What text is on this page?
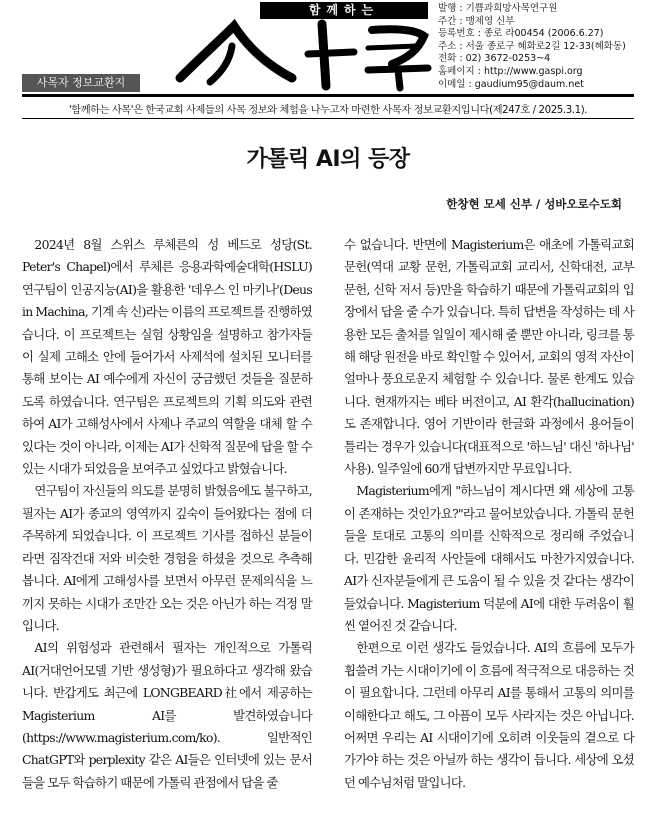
함께하는
사목자 정보교환지
발행 : 기쁨과희망사목연구원
주간 : 맹제영 신부
등록번호 : 종로 라00454 (2006.6.27)
주소 : 서울 종로구 혜화로2길 12-33(혜화동)
전화 : 02) 3672-0253~4
홈페이지 : http://www.gaspi.org
이메일 : gaudium95@daum.net
'함께하는 사목'은 한국교회 사제들의 사목 정보와 체험을 나누고자 마련한 사목자 정보교환지입니다(제247호 / 2025.3.1).
가톨릭 AI의 등장
한창현 모세 신부 / 성바오로수도회

2024년 8월 스위스 루체른의 성 베드로 성당(St. Peter's Chapel)에서 루체른 응용과학예술대학(HSLU) 연구팀이 인공지능(AI)을 활용한 '데우스 인 마키나'(Deus in Machina, 기계 속 신)라는 이름의 프로젝트를 진행하였습니다. 이 프로젝트는 실험 상황임을 설명하고 참가자들이 실제 고해소 안에 들어가서 사제석에 설치된 모니터를 통해 보이는 AI 예수에게 자신이 궁금했던 것들을 질문하도록 하였습니다. 연구팀은 프로젝트의 기획 의도와 관련하여 AI가 고해성사에서 사제나 주교의 역할을 대체 할 수 있다는 것이 아니라, 이제는 AI가 신학적 질문에 답을 할 수 있는 시대가 되었음을 보여주고 싶었다고 밝혔습니다.

연구팀이 자신들의 의도를 분명히 밝혔음에도 불구하고, 필자는 AI가 종교의 영역까지 깊숙이 들어왔다는 점에 더 주목하게 되었습니다. 이 프로젝트 기사를 접하신 분들이라면 짐작건대 저와 비슷한 경험을 하셨을 것으로 추측해 봅니다. AI에게 고해성사를 보면서 아무런 문제의식을 느끼지 못하는 시대가 조만간 오는 것은 아닌가 하는 걱정 말입니다.

AI의 위험성과 관련해서 필자는 개인적으로 가톨릭 AI(거대언어모델 기반 생성형)가 필요하다고 생각해 왔습니다. 반갑게도 최근에 LONGBEARD社에서 제공하는 Magisterium AI를 발견하였습니다(https://www.magisterium.com/ko). 일반적인 ChatGPT와 perplexity 같은 AI들은 인터넷에 있는 문서들을 모두 학습하기 때문에 가톨릭 관점에서 답을 줄

수 없습니다. 반면에 Magisterium은 애초에 가톨릭교회 문헌(역대 교황 문헌, 가톨릭교회 교리서, 신학대전, 교부 문헌, 신학 저서 등)만을 학습하기 때문에 가톨릭교회의 입장에서 답을 줄 수가 있습니다. 특히 답변을 작성하는 데 사용한 모든 출처를 일일이 제시해 줄 뿐만 아니라, 링크를 통해 해당 원전을 바로 확인할 수 있어서, 교회의 영적 자산이 얼마나 풍요로운지 체험할 수 있습니다. 물론 한계도 있습니다. 현재까지는 베타 버전이고, AI 환각(hallucination)도 존재합니다. 영어 기반이라 한글화 과정에서 용어들이 틀리는 경우가 있습니다(대표적으로 '하느님' 대신 '하나님' 사용). 일주일에 60개 답변까지만 무료입니다.

Magisterium에게 "하느님이 계시다면 왜 세상에 고통이 존재하는 것인가요?"라고 물어보았습니다. 가톨릭 문헌들을 토대로 고통의 의미를 신학적으로 정리해 주었습니다. 민감한 윤리적 사안들에 대해서도 마찬가지였습니다. AI가 신자분들에게 큰 도움이 될 수 있을 것 같다는 생각이 들었습니다. Magisterium 덕분에 AI에 대한 두려움이 훨씬 옅어진 것 같습니다.

한편으로 이런 생각도 들었습니다. AI의 흐름에 모두가 휩쓸려 가는 시대이기에 이 흐름에 적극적으로 대응하는 것이 필요합니다. 그런데 아무리 AI를 통해서 고통의 의미를 이해한다고 해도, 그 아픔이 모두 사라지는 것은 아닙니다. 어쩌면 우리는 AI 시대이기에 오히려 이웃들의 곁으로 다가가야 하는 것은 아닐까 하는 생각이 듭니다. 세상에 오셨던 예수님처럼 말입니다.
